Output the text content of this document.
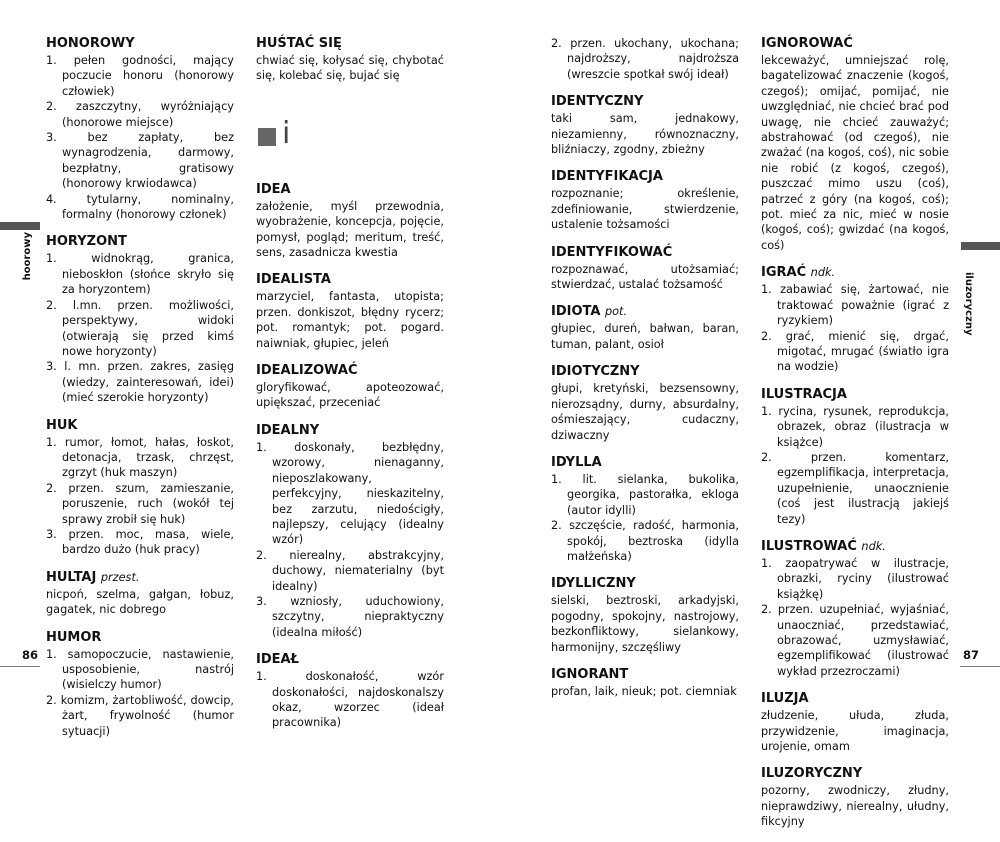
hoorowy
iluzoryczny
86	87
HONOROWY
1. pełen godności, mający poczucie honoru (honorowy człowiek)
2. zaszczytny, wyróżniający (honorowe miejsce)
3. bez zapłaty, bez wynagrodzenia, darmowy, bezpłatny, gratisowy (honorowy krwiodawca)
4. tytularny, nominalny, formalny (honorowy członek)
HORYZONT
1. widnokrąg, granica, nieboskłon (słońce skryło się za horyzontem)
2. l.mn. przen. możliwości, perspektywy, widoki (otwierają się przed kimś nowe horyzonty)
3. l. mn. przen. zakres, zasięg (wiedzy, zainteresowań, idei) (mieć szerokie horyzonty)
HUK
1. rumor, łomot, hałas, łoskot, detonacja, trzask, chrzęst, zgrzyt (huk maszyn)
2. przen. szum, zamieszanie, poruszenie, ruch (wokół tej sprawy zrobił się huk)
3. przen. moc, masa, wiele, bardzo dużo (huk pracy)
HULTAJ przest.
nicpoń, szelma, gałgan, łobuz, gagatek, nic dobrego
HUMOR
1. samopoczucie, nastawienie, usposobienie, nastrój (wisielczy humor)
2. komizm, żartobliwość, dowcip, żart, frywolność (humor sytuacji)
HUŚTAĆ SIĘ
chwiać się, kołysać się, chybotać się, kolebać się, bujać się
i
IDEA
założenie, myśl przewodnia, wyobrażenie, koncepcja, pojęcie, pomysł, pogląd; meritum, treść, sens, zasadnicza kwestia
IDEALISTA
marzyciel, fantasta, utopista; przen. donkiszot, błędny rycerz; pot. romantyk; pot. pogard. naiwniak, głupiec, jeleń
IDEALIZOWAĆ
gloryfikować, apoteozować, upiększać, przeceniać
IDEALNY
1. doskonały, bezbłędny, wzorowy, nienaganny, nieposzlakowany, perfekcyjny, nieskazitelny, bez zarzutu, niedościgły, najlepszy, celujący (idealny wzór)
2. nierealny, abstrakcyjny, duchowy, niematerialny (byt idealny)
3. wzniosły, uduchowiony, szczytny, niepraktyczny (idealna miłość)
IDEAŁ
1. doskonałość, wzór doskonałości, najdoskonalszy okaz, wzorzec (ideał pracownika)
2. przen. ukochany, ukochana; najdroższy, najdroższa (wreszcie spotkał swój ideał)
IDENTYCZNY
taki sam, jednakowy, niezamienny, równoznaczny, bliźniaczy, zgodny, zbieżny
IDENTYFIKACJA
rozpoznanie; określenie, zdefiniowanie, stwierdzenie, ustalenie tożsamości
IDENTYFIKOWAĆ
rozpoznawać, utożsamiać; stwierdzać, ustalać tożsamość
IDIOTA pot.
głupiec, dureń, bałwan, baran, tuman, palant, osioł
IDIOTYCZNY
głupi, kretyński, bezsensowny, nierozsądny, durny, absurdalny, ośmieszający, cudaczny, dziwaczny
IDYLLA
1. lit. sielanka, bukolika, georgika, pastorałka, ekloga (autor idylli)
2. szczęście, radość, harmonia, spokój, beztroska (idylla małżeńska)
IDYLLICZNY
sielski, beztroski, arkadyjski, pogodny, spokojny, nastrojowy, bezkonfliktowy, sielankowy, harmonijny, szczęśliwy
IGNORANT
profan, laik, nieuk; pot. ciemniak
IGNOROWAĆ
lekceważyć, umniejszać rolę, bagatelizować znaczenie (kogoś, czegoś); omijać, pomijać, nie uwzględniać, nie chcieć brać pod uwagę, nie chcieć zauważyć; abstrahować (od czegoś), nie zważać (na kogoś, coś), nic sobie nie robić (z kogoś, czegoś), puszczać mimo uszu (coś), patrzeć z góry (na kogoś, coś); pot. mieć za nic, mieć w nosie (kogoś, coś); gwizdać (na kogoś, coś)
IGRAĆ ndk.
1. zabawiać się, żartować, nie traktować poważnie (igrać z ryzykiem)
2. grać, mienić się, drgać, migotać, mrugać (światło igra na wodzie)
ILUSTRACJA
1. rycina, rysunek, reprodukcja, obrazek, obraz (ilustracja w książce)
2. przen. komentarz, egzemplifikacja, interpretacja, uzupełnienie, unaocznienie (coś jest ilustracją jakiejś tezy)
ILUSTROWAĆ ndk.
1. zaopatrywać w ilustracje, obrazki, ryciny (ilustrować książkę)
2. przen. uzupełniać, wyjaśniać, unaoczniać, przedstawiać, obrazować, uzmysławiać, egzemplifikować (ilustrować wykład przezroczami)
ILUZJA
złudzenie, ułuda, złuda, przywidzenie, imaginacja, urojenie, omam
ILUZORYCZNY
pozorny, zwodniczy, złudny, nieprawdziwy, nierealny, ułudny, fikcyjny
